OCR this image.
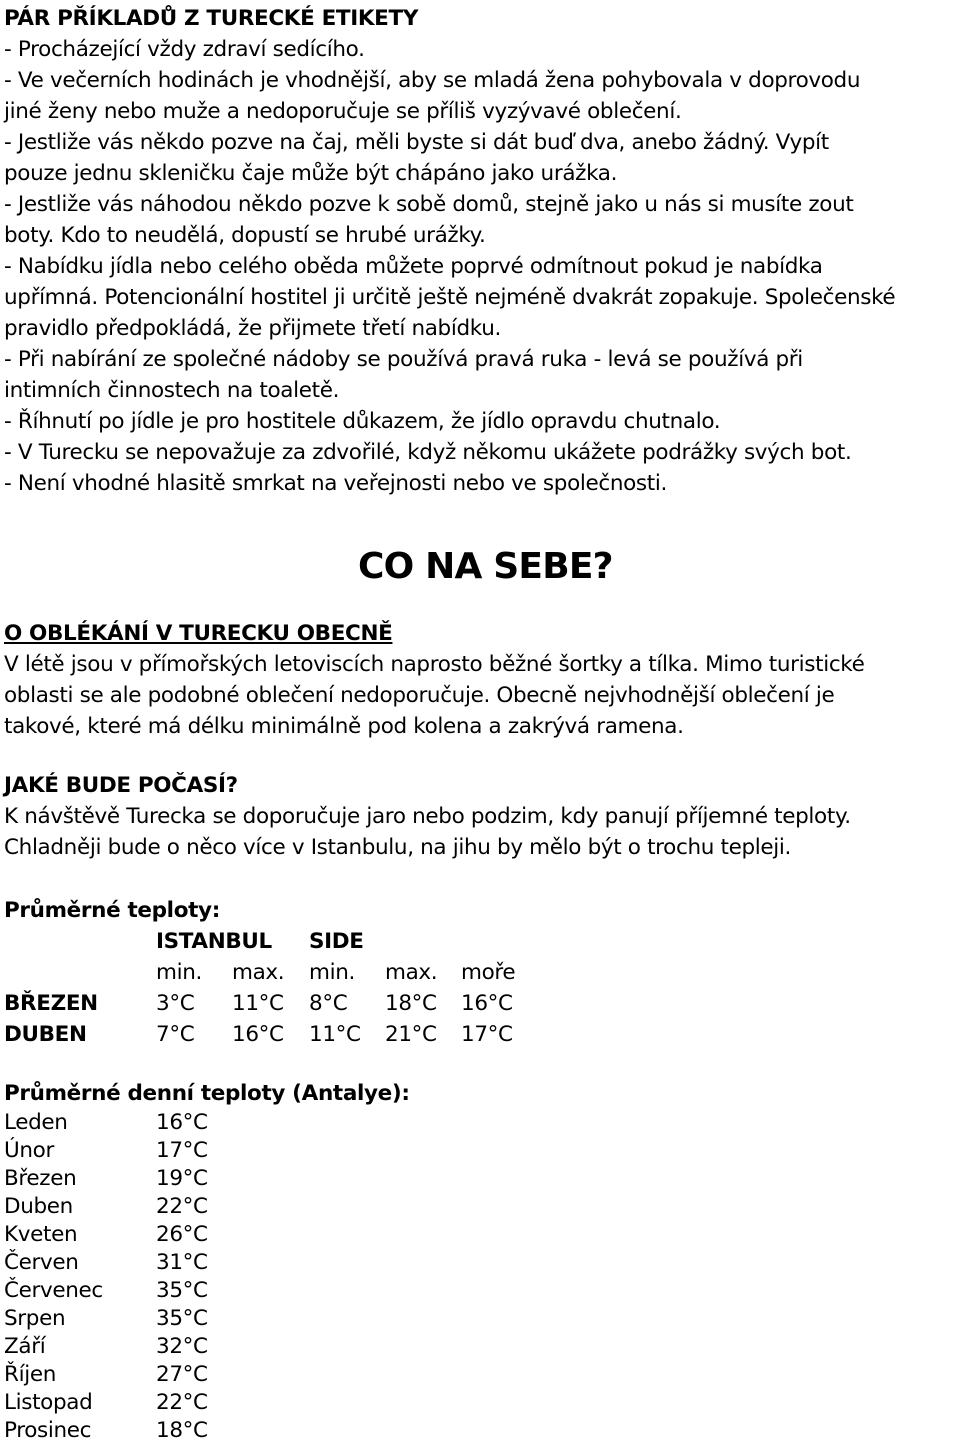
PÁR PŘÍKLADŮ Z TURECKÉ ETIKETY
- Procházející vždy zdraví sedícího.
- Ve večerních hodinách je vhodnější, aby se mladá žena pohybovala v doprovodu
jiné ženy nebo muže a nedoporučuje se příliš vyzývavé oblečení.
- Jestliže vás někdo pozve na čaj, měli byste si dát buď dva, anebo žádný. Vypít
pouze jednu skleničku čaje může být chápáno jako urážka.
- Jestliže vás náhodou někdo pozve k sobě domů, stejně jako u nás si musíte zout
boty. Kdo to neudělá, dopustí se hrubé urážky.
- Nabídku jídla nebo celého oběda můžete poprvé odmítnout pokud je nabídka
upřímná. Potencionální hostitel ji určitě ještě nejméně dvakrát zopakuje. Společenské
pravidlo předpokládá, že přijmete třetí nabídku.
- Při nabírání ze společné nádoby se používá pravá ruka - levá se používá při
intimních činnostech na toaletě.
- Říhnutí po jídle je pro hostitele důkazem, že jídlo opravdu chutnalo.
- V Turecku se nepovažuje za zdvořilé, když někomu ukážete podrážky svých bot.
- Není vhodné hlasitě smrkat na veřejnosti nebo ve společnosti.
CO NA SEBE?
O OBLÉKÁNÍ V TURECKU OBECNĚ
V létě jsou v přímořských letoviscích naprosto běžné šortky a tílka. Mimo turistické
oblasti se ale podobné oblečení nedoporučuje. Obecně nejvhodnější oblečení je
takové, které má délku minimálně pod kolena a zakrývá ramena.
JAKÉ BUDE POČASÍ?
K návštěvě Turecka se doporučuje jaro nebo podzim, kdy panují příjemné teploty.
Chladněji bude o něco více v Istanbulu, na jihu by mělo být o trochu tepleji.
Průměrné teploty:
ISTANBUL SIDE
min. max. min. max. moře
BŘEZEN	3°C 11°C 8°C 18°C 16°C
DUBEN	7°C 16°C 11°C 21°C 17°C
Průměrné denní teploty (Antalye):
Leden	16°C
Únor	17°C
Březen	19°C
Duben	22°C
Kveten	26°C
Červen	31°C
Červenec 35°C
Srpen	35°C
Září	32°C
Říjen	27°C
Listopad	22°C
Prosinec	18°C
